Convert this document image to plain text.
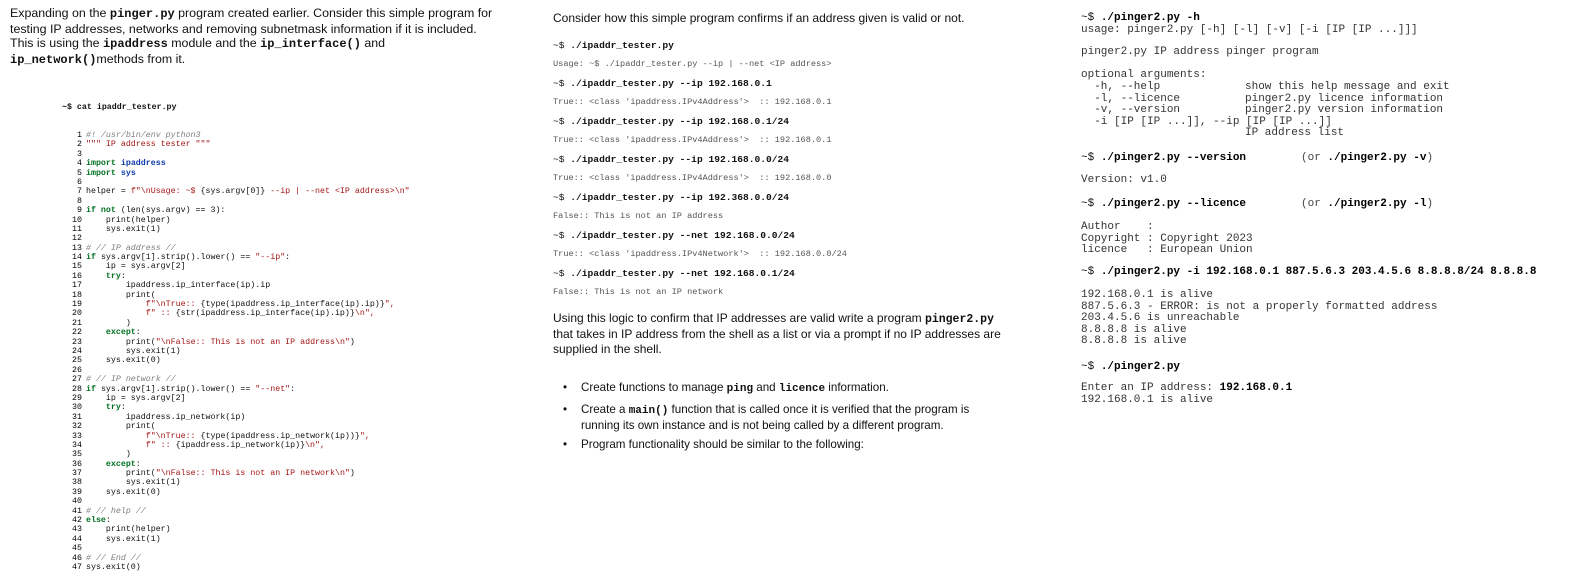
Expanding on the pinger.py program created earlier. Consider this simple program for testing IP addresses, networks and removing subnetmask information if it is included. This is using the ipaddress module and the ip_interface() and ip_network()methods from it.

~$ cat ipaddr_tester.py

1 #! /usr/bin/env python3
2 """ IP address tester """
3
4 import ipaddress
5 import sys
6
7 helper = f"\nUsage: ~$ {sys.argv[0]} --ip | --net <IP address>\n"
8
9 if not (len(sys.argv) == 3):
10 print(helper)
11 sys.exit(1)
12
13 # // IP address //
14 if sys.argv[1].strip().lower() == "--ip":
15 ip = sys.argv[2]
16 try:
17 ipaddress.ip_interface(ip).ip
18 print(
19 f"\nTrue:: {type(ipaddress.ip_interface(ip).ip)}",
20 f" :: {str(ipaddress.ip_interface(ip).ip)}\n",
21 )
22 except:
23 print("\nFalse:: This is not an IP address\n")
24 sys.exit(1)
25 sys.exit(0)
26
27 # // IP network //
28 if sys.argv[1].strip().lower() == "--net":
29 ip = sys.argv[2]
30 try:
31 ipaddress.ip_network(ip)
32 print(
33 f"\nTrue:: {type(ipaddress.ip_network(ip))}",
34 f" :: {ipaddress.ip_network(ip)}\n",
35 )
36 except:
37 print("\nFalse:: This is not an IP network\n")
38 sys.exit(1)
39 sys.exit(0)
40
41 # // help //
42 else:
43 print(helper)
44 sys.exit(1)
45
46 # // End //
47 sys.exit(0)

Consider how this simple program confirms if an address given is valid or not.
~$ ./ipaddr_tester.py
Usage: ~$ ./ipaddr_tester.py --ip | --net <IP address>
~$ ./ipaddr_tester.py --ip 192.168.0.1
True:: <class 'ipaddress.IPv4Address'>  :: 192.168.0.1
~$ ./ipaddr_tester.py --ip 192.168.0.1/24
True:: <class 'ipaddress.IPv4Address'>  :: 192.168.0.1
~$ ./ipaddr_tester.py --ip 192.168.0.0/24
True:: <class 'ipaddress.IPv4Address'>  :: 192.168.0.0
~$ ./ipaddr_tester.py --ip 192.368.0.0/24
False:: This is not an IP address
~$ ./ipaddr_tester.py --net 192.168.0.0/24
True:: <class 'ipaddress.IPv4Network'>  :: 192.168.0.0/24
~$ ./ipaddr_tester.py --net 192.168.0.1/24
False:: This is not an IP network

Using this logic to confirm that IP addresses are valid write a program pinger2.py that takes in IP address from the shell as a list or via a prompt if no IP addresses are supplied in the shell.

• Create functions to manage ping and licence information.
• Create a main() function that is called once it is verified that the program is running its own instance and is not being called by a different program.
• Program functionality should be similar to the following:
~$ ./pinger2.py -h
usage: pinger2.py [-h] [-l] [-v] [-i [IP [IP ...]]]
pinger2.py IP address pinger program
optional arguments:
-h, --help	show this help message and exit
-l, --licence	pinger2.py licence information
-v, --version	pinger2.py version information
-i [IP [IP ...]], --ip [IP [IP ...]]
IP address list
~$ ./pinger2.py --version	(or ./pinger2.py -v)
Version: v1.0
~$ ./pinger2.py --licence	(or ./pinger2.py -l)
Author    :
Copyright : Copyright 2023
licence   : European Union
~$ ./pinger2.py -i 192.168.0.1 887.5.6.3 203.4.5.6 8.8.8.8/24 8.8.8.8
192.168.0.1 is alive
887.5.6.3 - ERROR: is not a properly formatted address
203.4.5.6 is unreachable
8.8.8.8 is alive
8.8.8.8 is alive
~$ ./pinger2.py
Enter an IP address: 192.168.0.1
192.168.0.1 is alive
